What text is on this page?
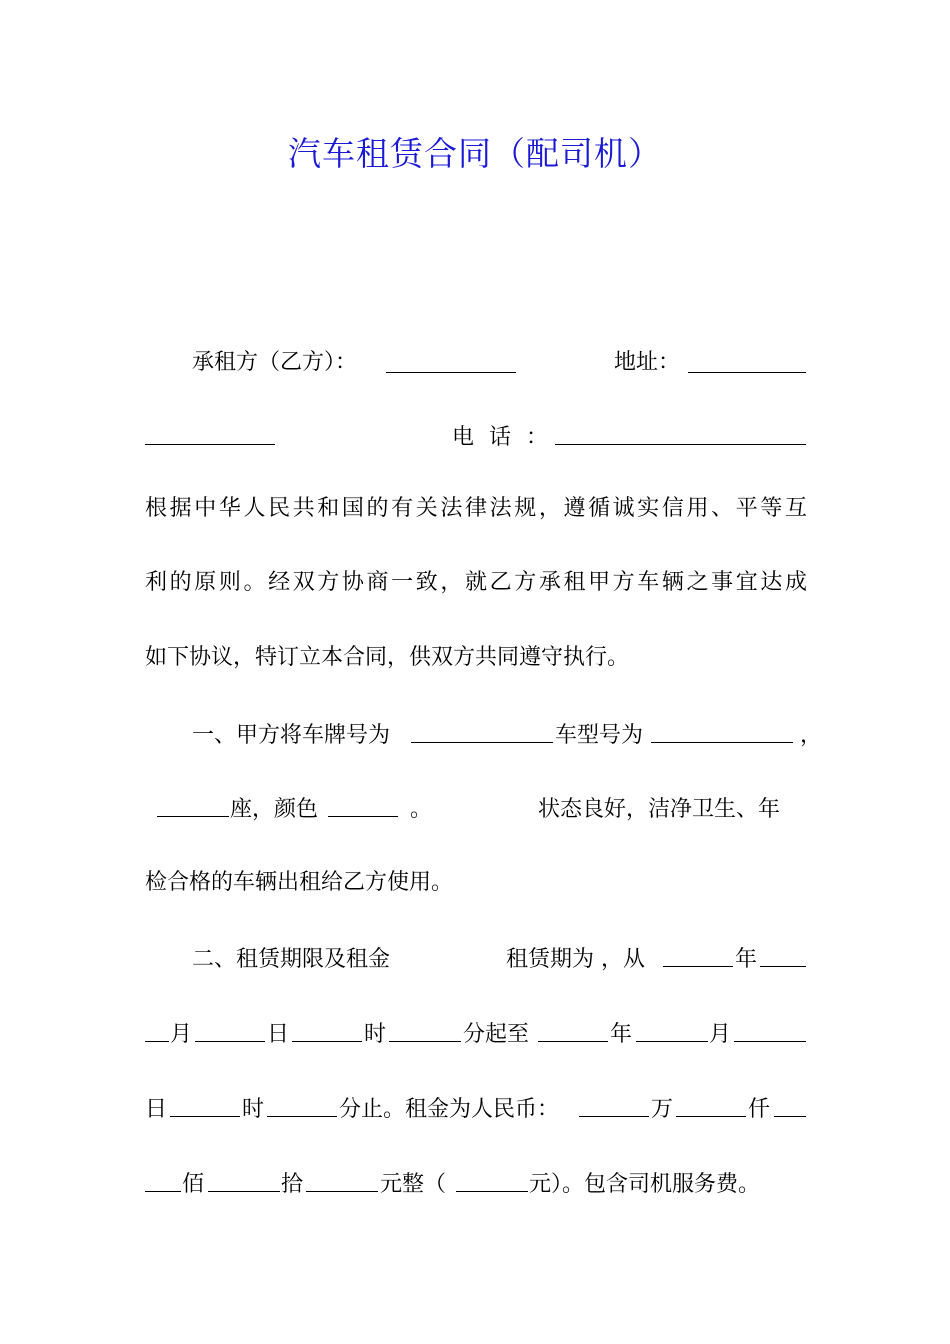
汽车租赁合同（配司机）
承租方（乙方）：	地址：
电 话 ：
根据中华人民共和国的有关法律法规，遵循诚实信用、平等互
利的原则。经双方协商一致，就乙方承租甲方车辆之事宜达成
如下协议，特订立本合同，供双方共同遵守执行。
一、甲方将车牌号为	车型号为	，
座，颜色	。	状态良好，洁净卫生、年
检合格的车辆出租给乙方使用。
二、租赁期限及租金	租赁期为 ，从	年
月	日	时	分起至	年	月
日	时	分止。租金为人民币：	万	仟
佰	拾	元整（	元）。包含司机服务费。
